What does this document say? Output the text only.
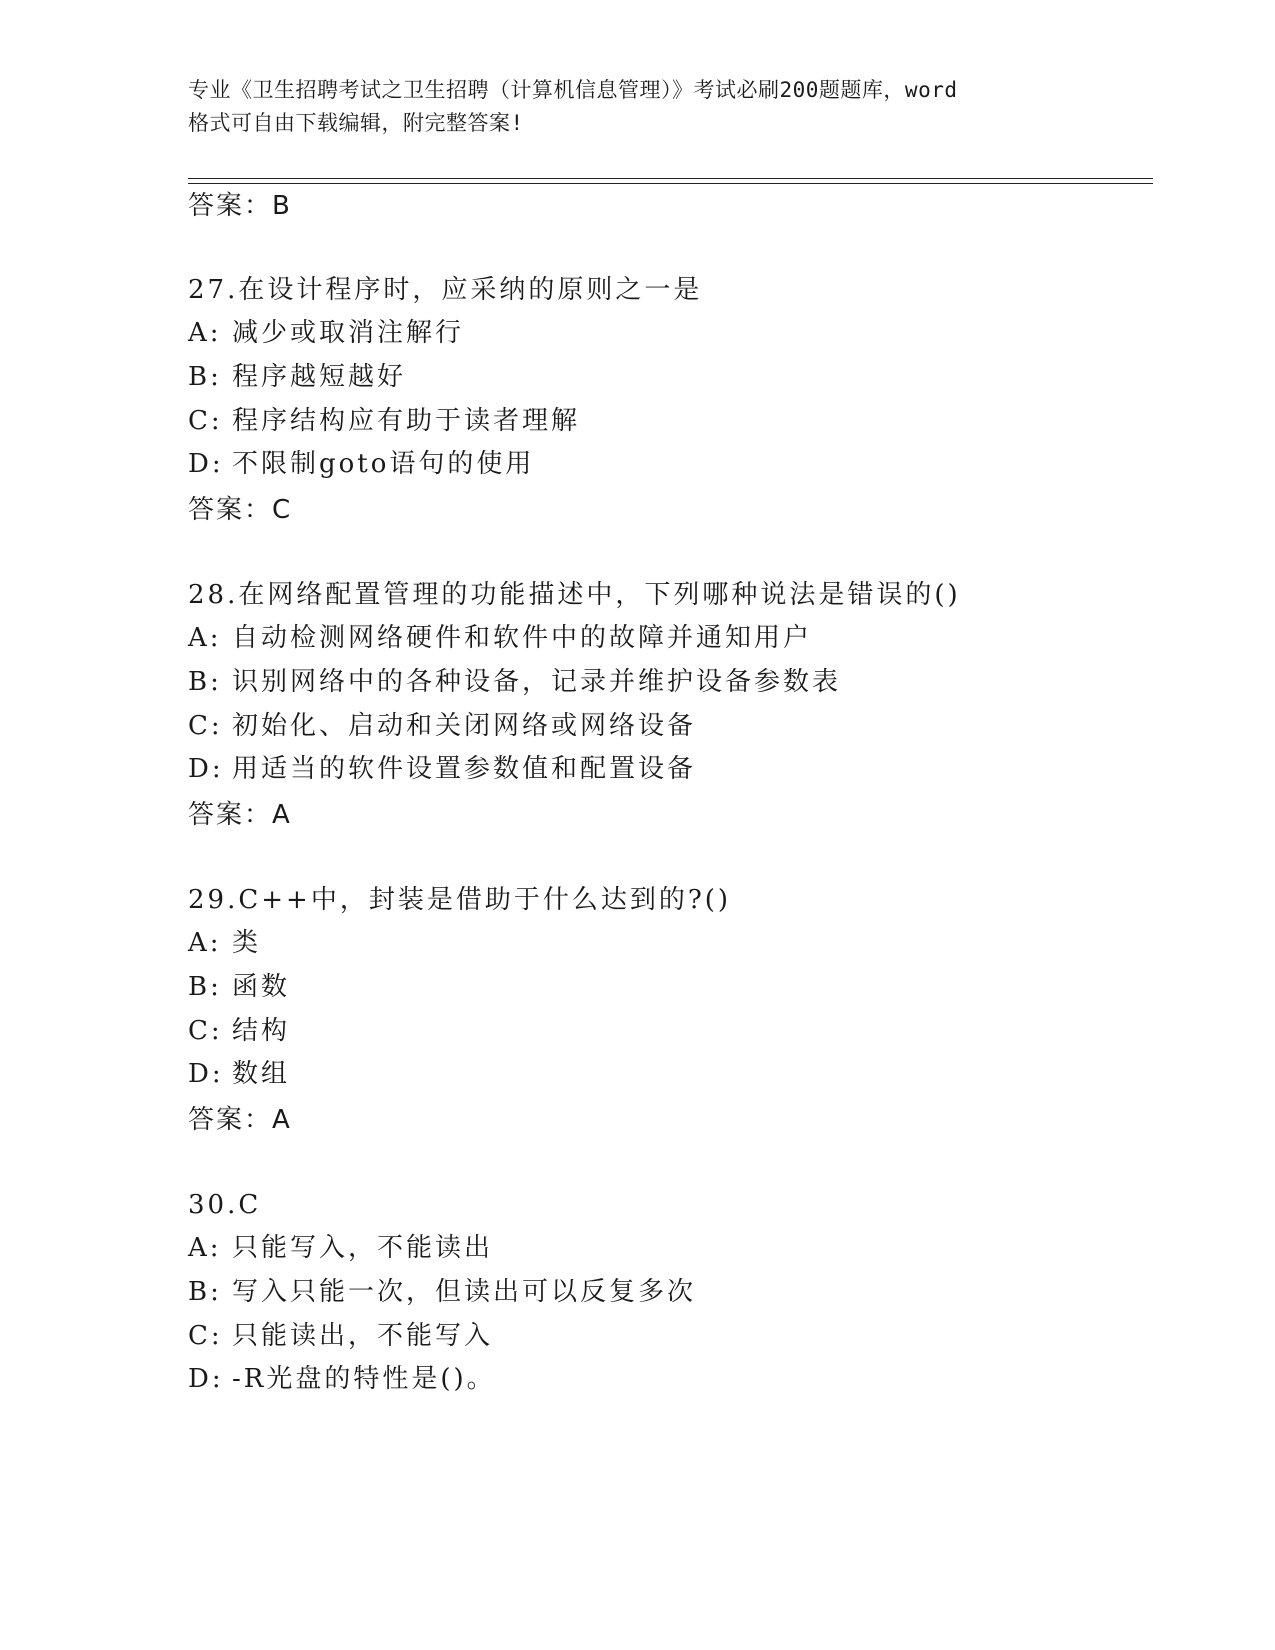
专业《卫生招聘考试之卫生招聘（计算机信息管理）》考试必刷200题题库，word
格式可自由下载编辑，附完整答案!
答案：B
27.在设计程序时，应采纳的原则之一是
A: 减少或取消注解行
B: 程序越短越好
C: 程序结构应有助于读者理解
D: 不限制goto语句的使用
答案：C
28.在网络配置管理的功能描述中，下列哪种说法是错误的()
A: 自动检测网络硬件和软件中的故障并通知用户
B: 识别网络中的各种设备，记录并维护设备参数表
C: 初始化、启动和关闭网络或网络设备
D: 用适当的软件设置参数值和配置设备
答案：A
29.C++中，封装是借助于什么达到的?()
A: 类
B: 函数
C: 结构
D: 数组
答案：A
30.C
A: 只能写入，不能读出
B: 写入只能一次，但读出可以反复多次
C: 只能读出，不能写入
D: -R光盘的特性是()。
